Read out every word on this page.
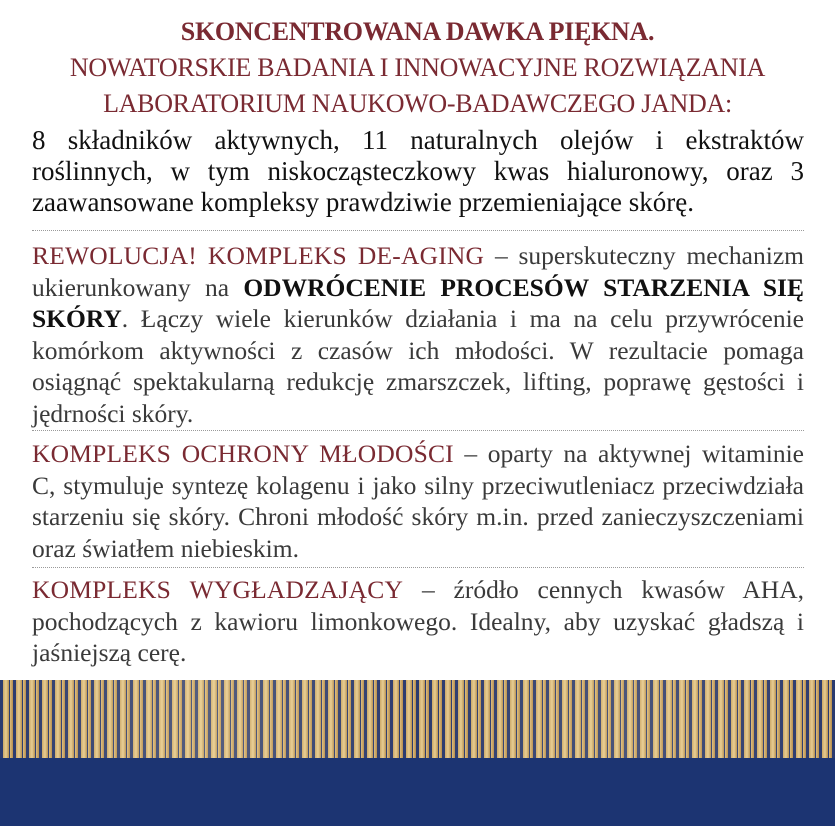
SKONCENTROWANA DAWKA PIĘKNA.
NOWATORSKIE BADANIA I INNOWACYJNE ROZWIĄZANIA
LABORATORIUM NAUKOWO-BADAWCZEGO JANDA:
8 składników aktywnych, 11 naturalnych olejów i ekstraktów roślinnych, w tym niskocząsteczkowy kwas hialuronowy, oraz 3 zaawansowane kompleksy prawdziwie przemieniające skórę.
REWOLUCJA! KOMPLEKS DE-AGING – superskuteczny mechanizm ukierunkowany na ODWRÓCENIE PROCESÓW STARZENIA SIĘ SKÓRY. Łączy wiele kierunków działania i ma na celu przywrócenie komórkom aktywności z czasów ich młodości. W rezultacie pomaga osiągnąć spektakularną redukcję zmarszczek, lifting, poprawę gęstości i jędrności skóry.
KOMPLEKS OCHRONY MŁODOŚCI – oparty na aktywnej witaminie C, stymuluje syntezę kolagenu i jako silny przeciwutleniacz przeciwdziała starzeniu się skóry. Chroni młodość skóry m.in. przed zanieczyszczeniami oraz światłem niebieskim.
KOMPLEKS WYGŁADZAJĄCY – źródło cennych kwasów AHA, pochodzących z kawioru limonkowego. Idealny, aby uzyskać gładszą i jaśniejszą cerę.
